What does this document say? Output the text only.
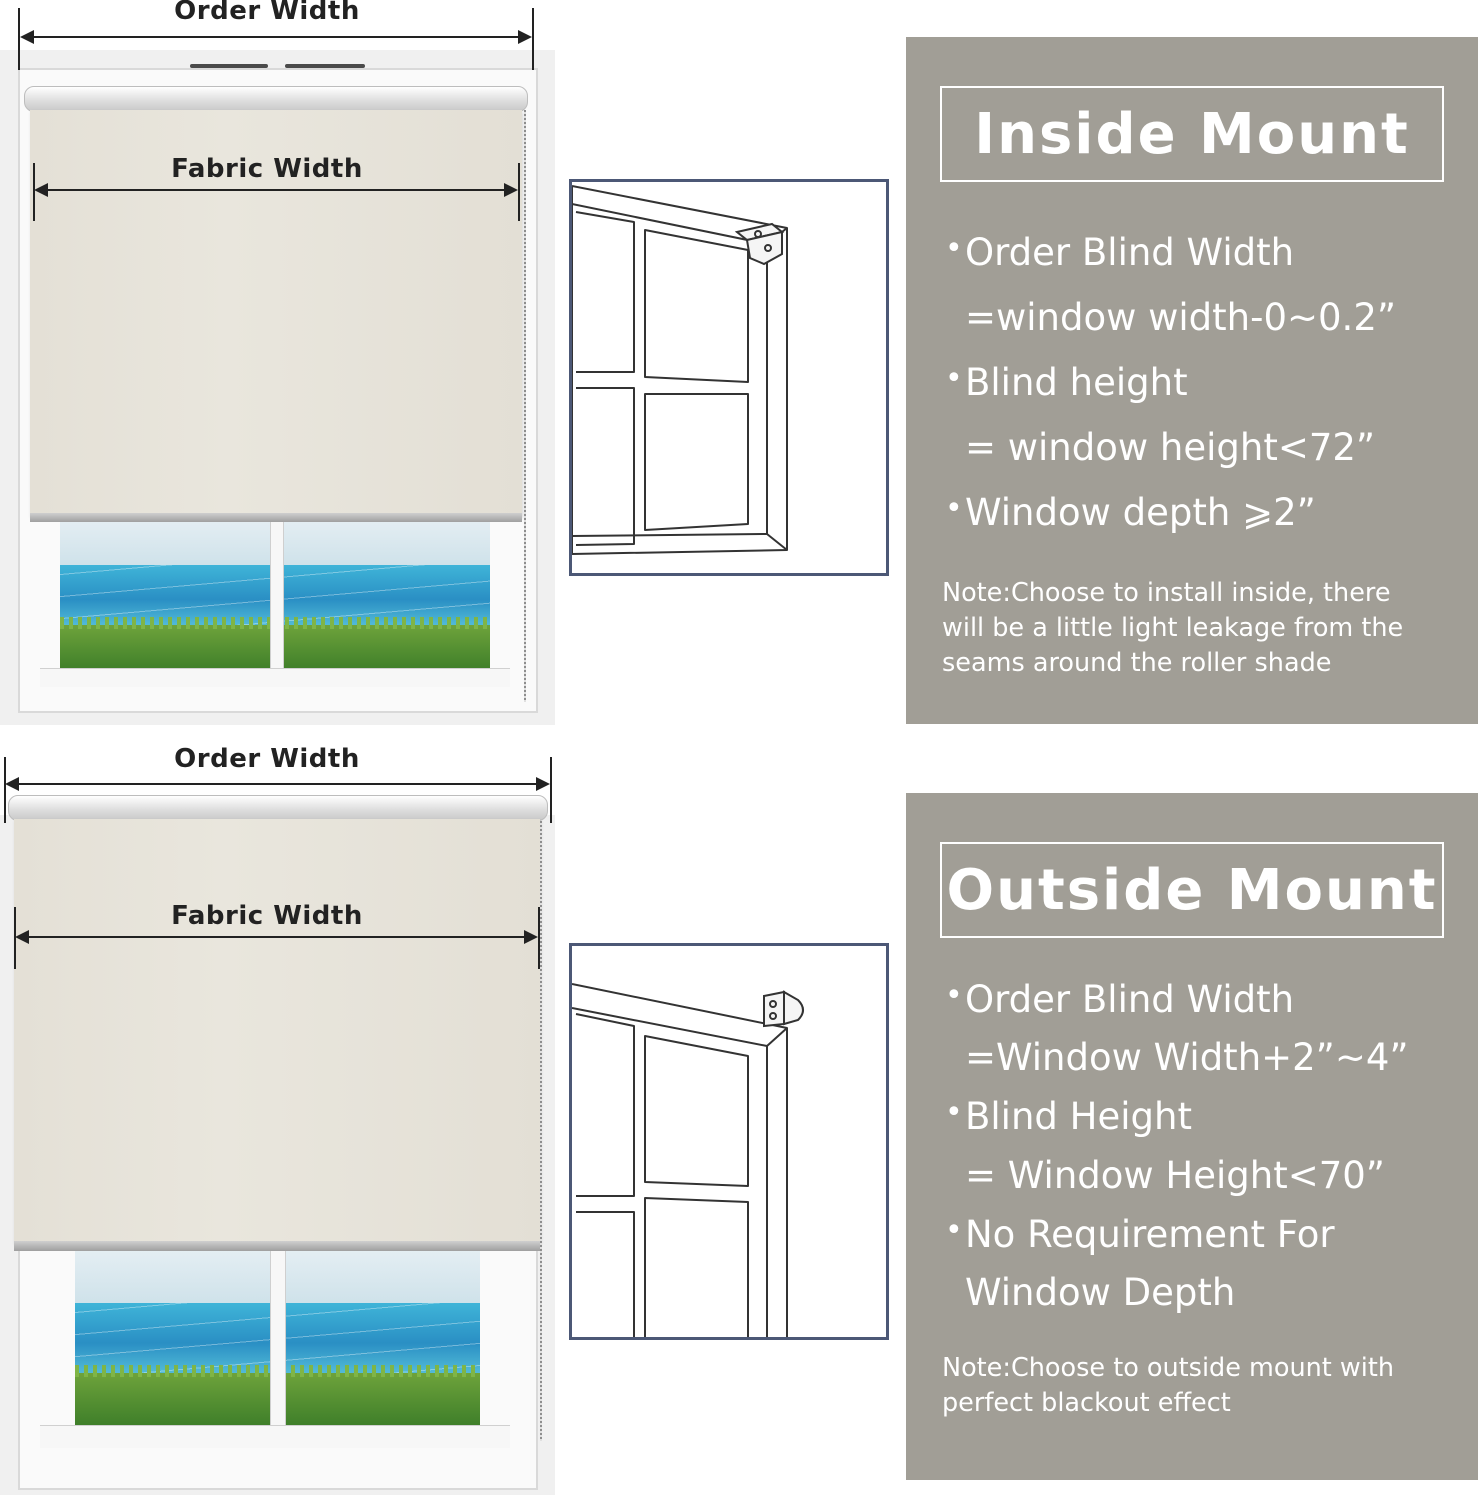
Order Width
Fabric Width
Inside Mount
• Order Blind Width
=window width-0~0.2”
• Blind height
= window height<72”
• Window depth ⩾2”
Note:Choose to install inside, there
will be a little light leakage from the
seams around the roller shade
Order Width
Fabric Width	Outside Mount
• Order Blind Width
=Window Width+2”~4”
• Blind Height
= Window Height<70”
• No Requirement For
Window Depth
Note:Choose to outside mount with
perfect blackout effect
